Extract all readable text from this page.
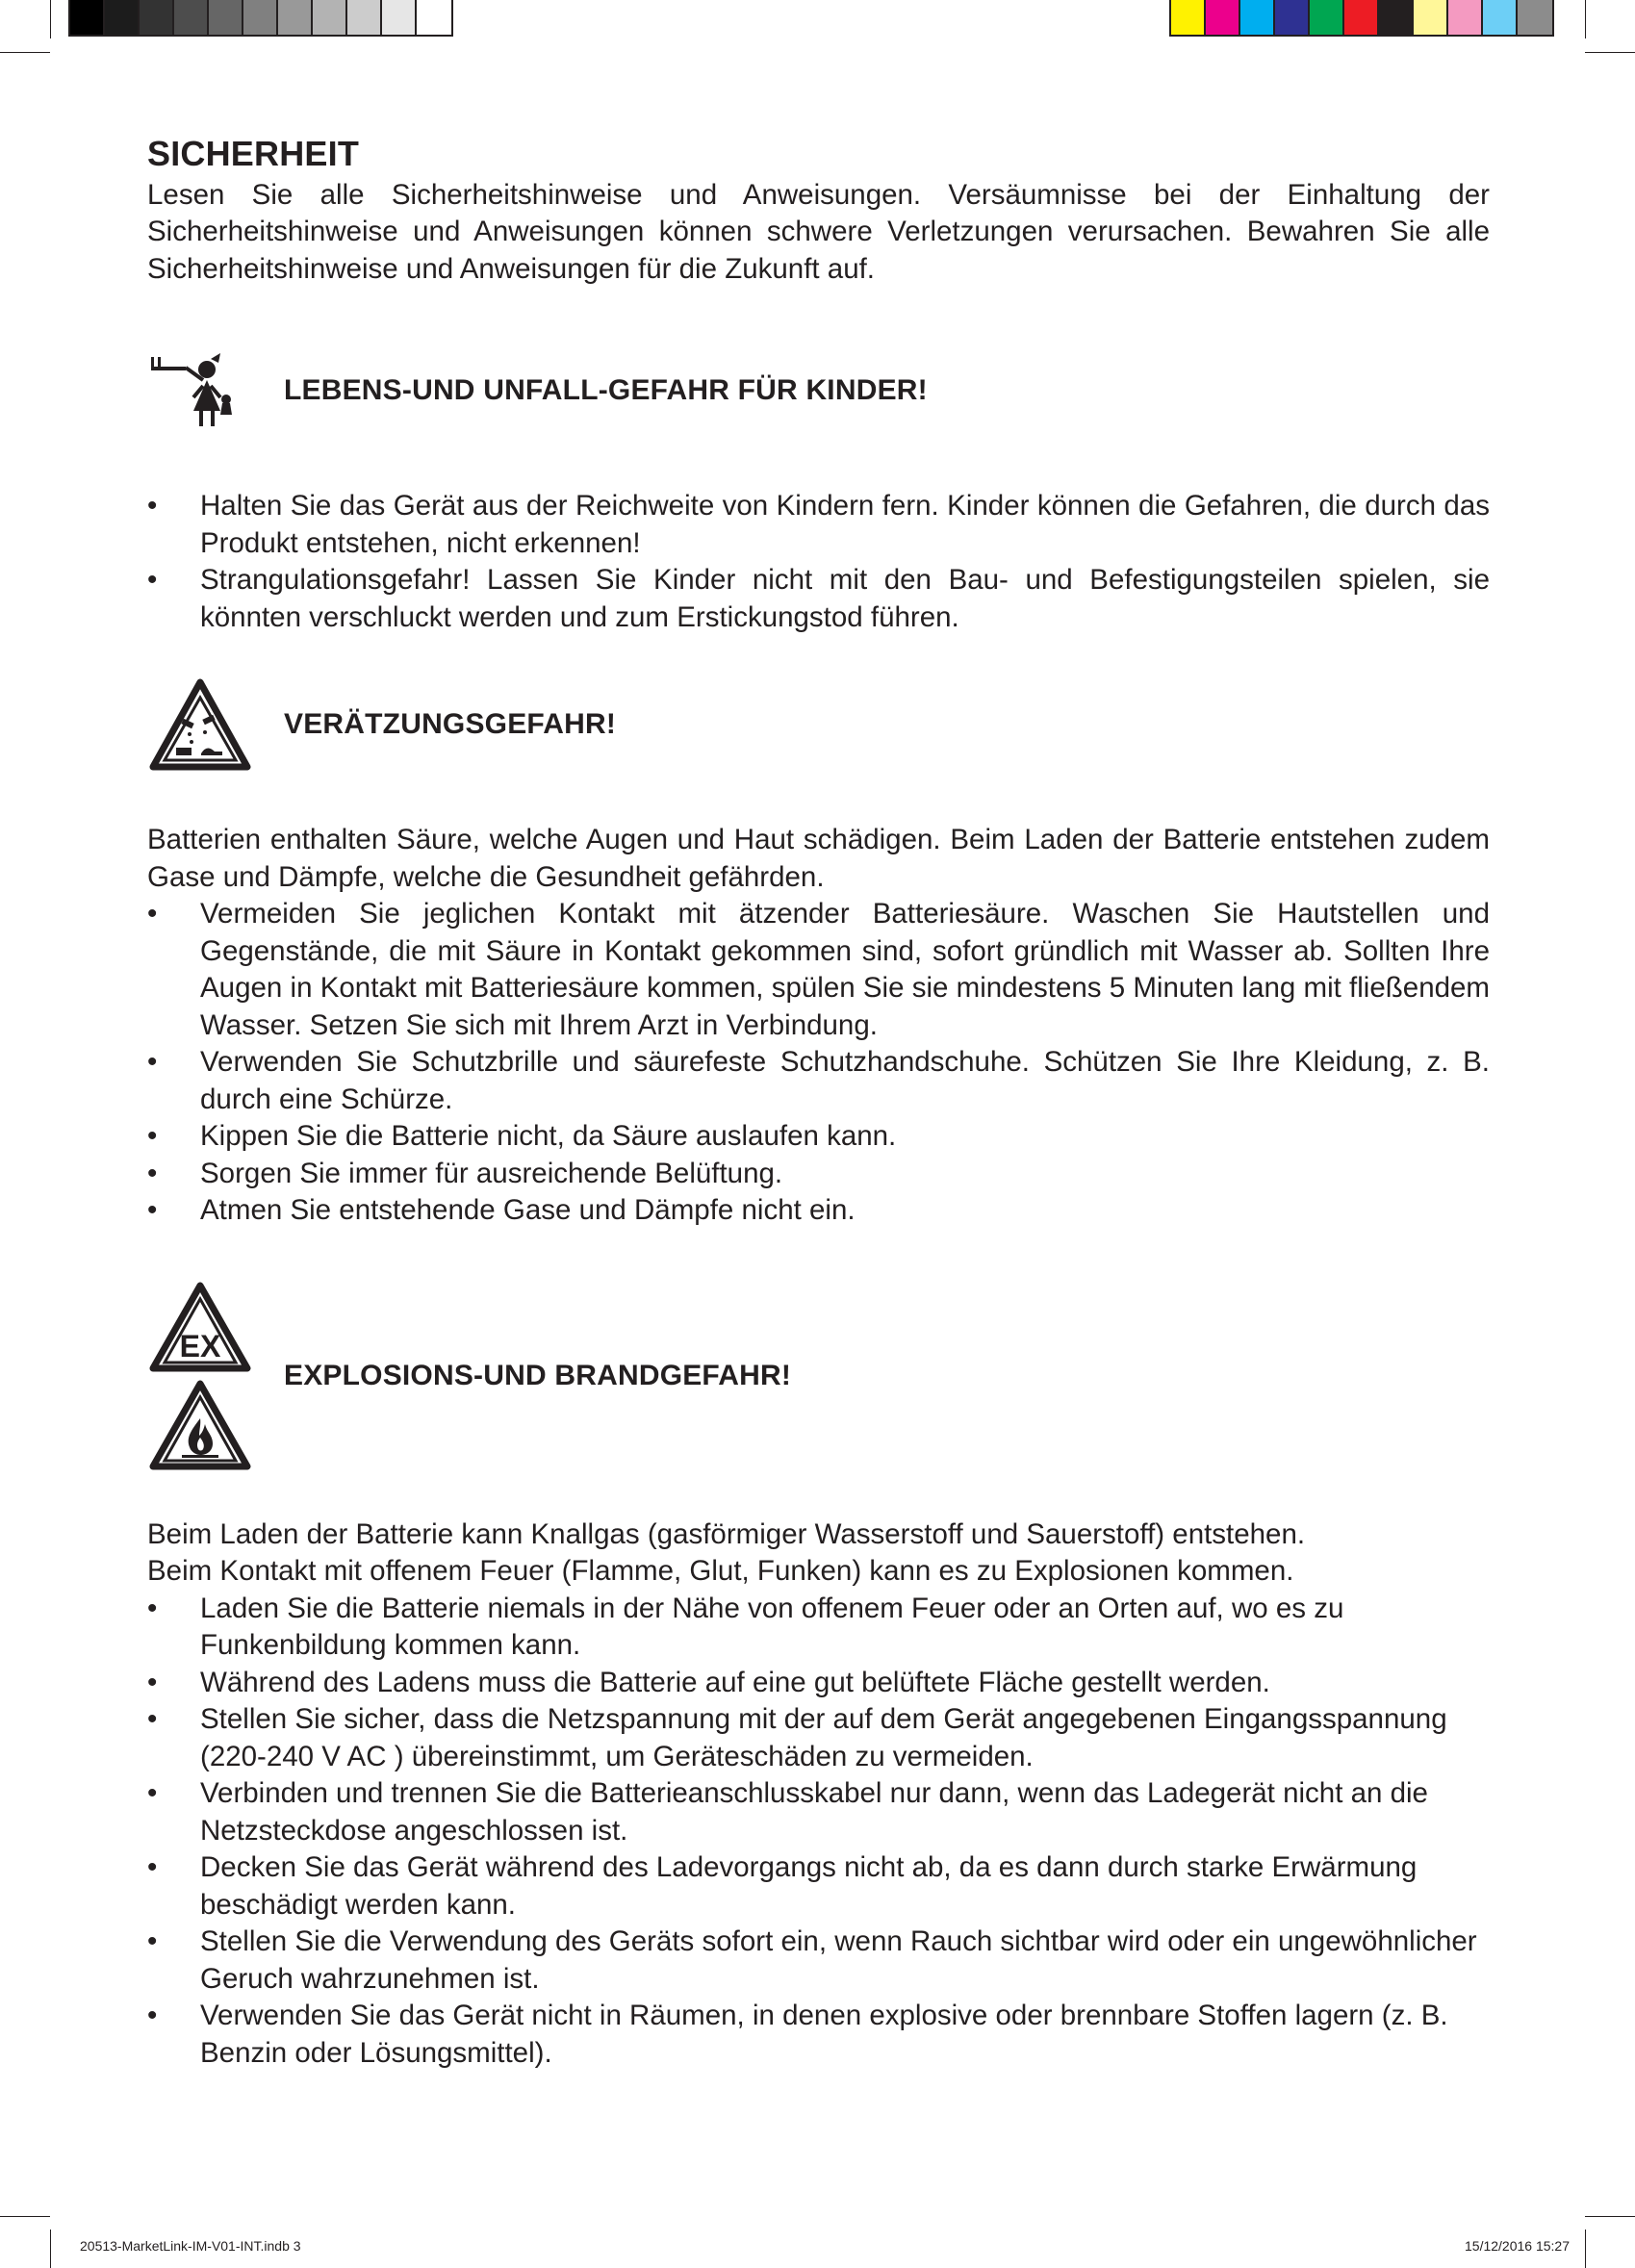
SICHERHEIT

Lesen Sie alle Sicherheitshinweise und Anweisungen. Versäumnisse bei der Einhaltung der Sicherheitshinweise und Anweisungen können schwere Verletzungen verursachen. Bewahren Sie alle Sicherheitshinweise und Anweisungen für die Zukunft auf.

LEBENS-UND UNFALL-GEFAHR FÜR KINDER!
• Halten Sie das Gerät aus der Reichweite von Kindern fern. Kinder können die Gefahren, die durch das Produkt entstehen, nicht erkennen!
• Strangulationsgefahr! Lassen Sie Kinder nicht mit den Bau- und Befestigungsteilen spielen, sie könnten verschluckt werden und zum Erstickungstod führen.
VERÄTZUNGSGEFAHR!

Batterien enthalten Säure, welche Augen und Haut schädigen. Beim Laden der Batterie entstehen zudem Gase und Dämpfe, welche die Gesundheit gefährden.

• Vermeiden Sie jeglichen Kontakt mit ätzender Batteriesäure. Waschen Sie Hautstellen und Gegenstände, die mit Säure in Kontakt gekommen sind, sofort gründlich mit Wasser ab. Sollten Ihre Augen in Kontakt mit Batteriesäure kommen, spülen Sie sie mindestens 5 Minuten lang mit fließendem Wasser. Setzen Sie sich mit Ihrem Arzt in Verbindung.
• Verwenden Sie Schutzbrille und säurefeste Schutzhandschuhe. Schützen Sie Ihre Kleidung, z. B. durch eine Schürze.
• Kippen Sie die Batterie nicht, da Säure auslaufen kann.
• Sorgen Sie immer für ausreichende Belüftung.
• Atmen Sie entstehende Gase und Dämpfe nicht ein.
EX
EXPLOSIONS-UND BRANDGEFAHR!

Beim Laden der Batterie kann Knallgas (gasförmiger Wasserstoff und Sauerstoff) entstehen.

Beim Kontakt mit offenem Feuer (Flamme, Glut, Funken) kann es zu Explosionen kommen.

• Laden Sie die Batterie niemals in der Nähe von offenem Feuer oder an Orten auf, wo es zu Funkenbildung kommen kann.
• Während des Ladens muss die Batterie auf eine gut belüftete Fläche gestellt werden.
• Stellen Sie sicher, dass die Netzspannung mit der auf dem Gerät angegebenen Eingangsspannung (220-240 V AC ) übereinstimmt, um Geräteschäden zu vermeiden.
• Verbinden und trennen Sie die Batterieanschlusskabel nur dann, wenn das Ladegerät nicht an die Netzsteckdose angeschlossen ist.
• Decken Sie das Gerät während des Ladevorgangs nicht ab, da es dann durch starke Erwärmung beschädigt werden kann.
• Stellen Sie die Verwendung des Geräts sofort ein, wenn Rauch sichtbar wird oder ein ungewöhnlicher Geruch wahrzunehmen ist.
• Verwenden Sie das Gerät nicht in Räumen, in denen explosive oder brennbare Stoffen lagern (z. B. Benzin oder Lösungsmittel).
20513-MarketLink-IM-V01-INT.indb 3	15/12/2016 15:27
